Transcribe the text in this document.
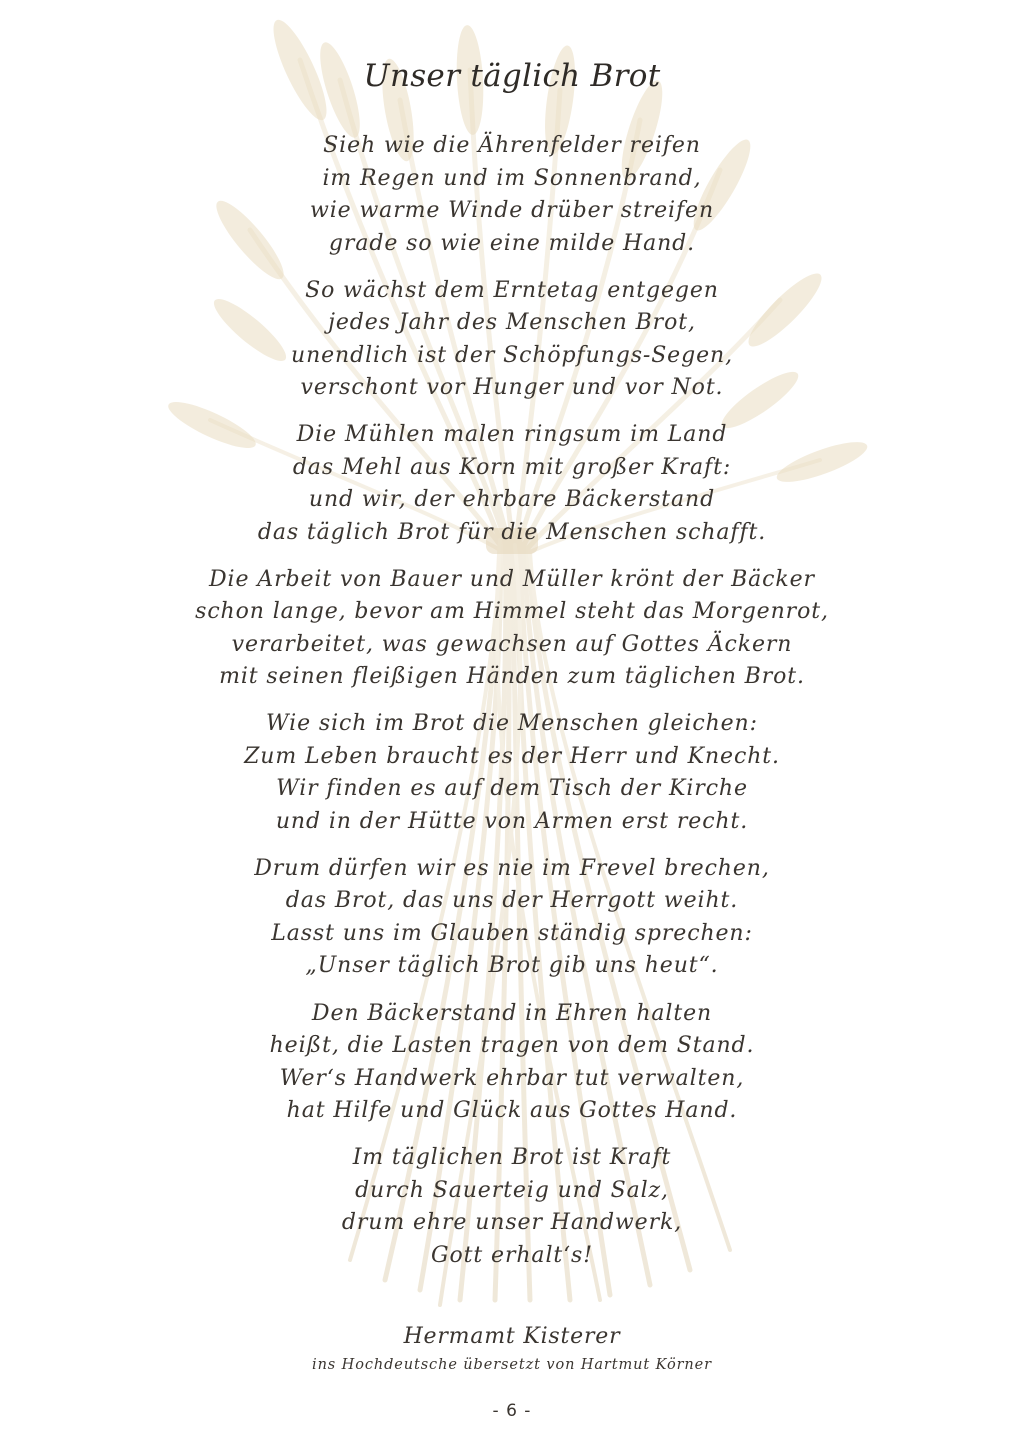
Unser täglich Brot
Sieh wie die Ährenfelder reifen
im Regen und im Sonnenbrand,
wie warme Winde drüber streifen
grade so wie eine milde Hand.
So wächst dem Erntetag entgegen
jedes Jahr des Menschen Brot,
unendlich ist der Schöpfungs-Segen,
verschont vor Hunger und vor Not.
Die Mühlen malen ringsum im Land
das Mehl aus Korn mit großer Kraft:
und wir, der ehrbare Bäckerstand
das täglich Brot für die Menschen schafft.
Die Arbeit von Bauer und Müller krönt der Bäcker
schon lange, bevor am Himmel steht das Morgenrot,
verarbeitet, was gewachsen auf Gottes Äckern
mit seinen fleißigen Händen zum täglichen Brot.
Wie sich im Brot die Menschen gleichen:
Zum Leben braucht es der Herr und Knecht.
Wir finden es auf dem Tisch der Kirche
und in der Hütte von Armen erst recht.
Drum dürfen wir es nie im Frevel brechen,
das Brot, das uns der Herrgott weiht.
Lasst uns im Glauben ständig sprechen:
„Unser täglich Brot gib uns heut“.
Den Bäckerstand in Ehren halten
heißt, die Lasten tragen von dem Stand.
Wer‘s Handwerk ehrbar tut verwalten,
hat Hilfe und Glück aus Gottes Hand.
Im täglichen Brot ist Kraft
durch Sauerteig und Salz,
drum ehre unser Handwerk,
Gott erhalt‘s!
Hermamt Kisterer
ins Hochdeutsche übersetzt von Hartmut Körner
- 6 -
